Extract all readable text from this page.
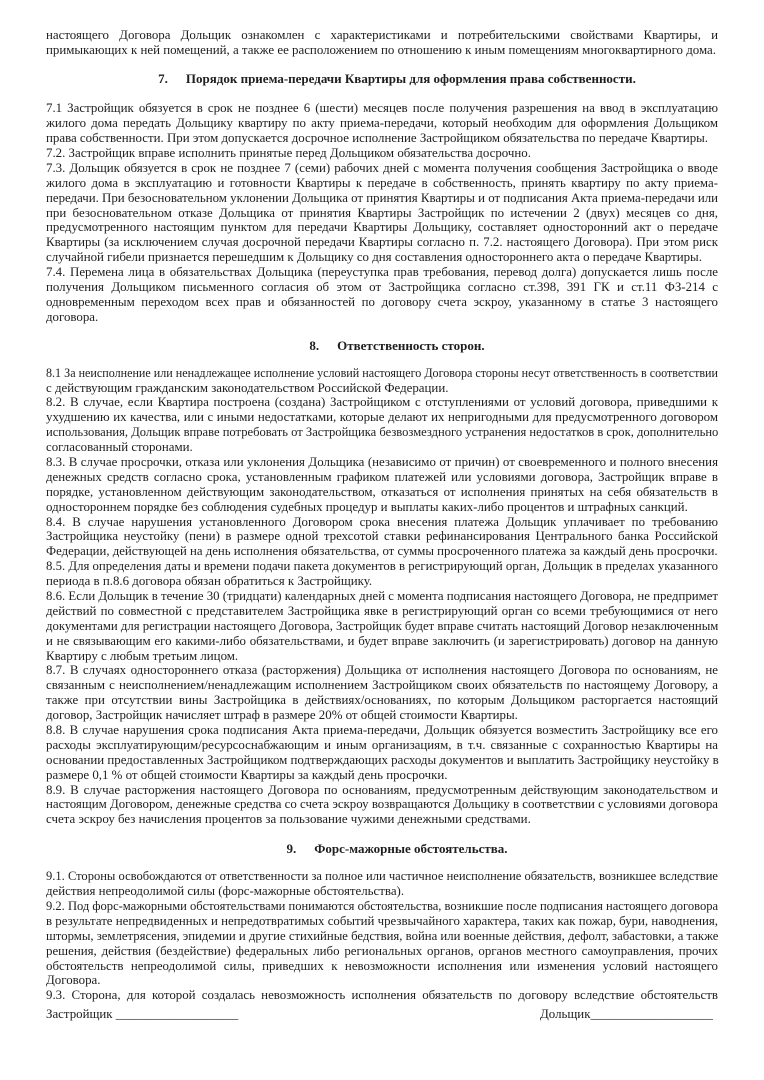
настоящего Договора Дольщик ознакомлен с характеристиками и потребительскими свойствами Квартиры, и
примыкающих к ней помещений, а также ее расположением по отношению к иным помещениям многоквартирного дома.
7. Порядок приема-передачи Квартиры для оформления права собственности.
7.1 Застройщик обязуется в срок не позднее 6 (шести) месяцев после получения разрешения на ввод в эксплуатацию
жилого дома передать Дольщику квартиру по акту приема-передачи, который необходим для оформления Дольщиком
права собственности. При этом допускается досрочное исполнение Застройщиком обязательства по передаче Квартиры.
7.2. Застройщик вправе исполнить принятые перед Дольщиком обязательства досрочно.
7.3. Дольщик обязуется в срок не позднее 7 (семи) рабочих дней с момента получения сообщения Застройщика о вводе
жилого дома в эксплуатацию и готовности Квартиры к передаче в собственность, принять квартиру по акту приема-
передачи. При безосновательном уклонении Дольщика от принятия Квартиры и от подписания Акта приема-передачи или
при безосновательном отказе Дольщика от принятия Квартиры Застройщик по истечении 2 (двух) месяцев со дня,
предусмотренного настоящим пунктом для передачи Квартиры Дольщику, составляет односторонний акт о передаче
Квартиры (за исключением случая досрочной передачи Квартиры согласно п. 7.2. настоящего Договора). При этом риск
случайной гибели признается перешедшим к Дольщику со дня составления одностороннего акта о передаче Квартиры.
7.4. Перемена лица в обязательствах Дольщика (переуступка прав требования, перевод долга) допускается лишь после
получения Дольщиком письменного согласия об этом от Застройщика согласно ст.398, 391 ГК и ст.11 ФЗ-214 с
одновременным переходом всех прав и обязанностей по договору счета эскроу, указанному в статье 3 настоящего
договора.
8. Ответственность сторон.
8.1 За неисполнение или ненадлежащее исполнение условий настоящего Договора стороны несут ответственность в соответствии
с действующим гражданским законодательством Российской Федерации.
8.2. В случае, если Квартира построена (создана) Застройщиком с отступлениями от условий договора, приведшими к
ухудшению их качества, или с иными недостатками, которые делают их непригодными для предусмотренного договором
использования, Дольщик вправе потребовать от Застройщика безвозмездного устранения недостатков в срок, дополнительно
согласованный сторонами.
8.3. В случае просрочки, отказа или уклонения Дольщика (независимо от причин) от своевременного и полного внесения
денежных средств согласно срока, установленным графиком платежей или условиями договора, Застройщик вправе в
порядке, установленном действующим законодательством, отказаться от исполнения принятых на себя обязательств в
одностороннем порядке без соблюдения судебных процедур и выплаты каких-либо процентов и штрафных санкций.
8.4. В случае нарушения установленного Договором срока внесения платежа Дольщик уплачивает по требованию
Застройщика неустойку (пени) в размере одной трехсотой ставки рефинансирования Центрального банка Российской
Федерации, действующей на день исполнения обязательства, от суммы просроченного платежа за каждый день просрочки.
8.5. Для определения даты и времени подачи пакета документов в регистрирующий орган, Дольщик в пределах указанного
периода в п.8.6 договора обязан обратиться к Застройщику.
8.6. Если Дольщик в течение 30 (тридцати) календарных дней с момента подписания настоящего Договора, не предпримет
действий по совместной с представителем Застройщика явке в регистрирующий орган со всеми требующимися от него
документами для регистрации настоящего Договора, Застройщик будет вправе считать настоящий Договор незаключенным
и не связывающим его какими-либо обязательствами, и будет вправе заключить (и зарегистрировать) договор на данную
Квартиру с любым третьим лицом.
8.7. В случаях одностороннего отказа (расторжения) Дольщика от исполнения настоящего Договора по основаниям, не
связанным с неисполнением/ненадлежащим исполнением Застройщиком своих обязательств по настоящему Договору, а
также при отсутствии вины Застройщика в действиях/основаниях, по которым Дольщиком расторгается настоящий
договор, Застройщик начисляет штраф в размере 20% от общей стоимости Квартиры.
8.8. В случае нарушения срока подписания Акта приема-передачи, Дольщик обязуется возместить Застройщику все его
расходы эксплуатирующим/ресурсоснабжающим и иным организациям, в т.ч. связанные с сохранностью Квартиры на
основании предоставленных Застройщиком подтверждающих расходы документов и выплатить Застройщику неустойку в
размере 0,1 % от общей стоимости Квартиры за каждый день просрочки.
8.9. В случае расторжения настоящего Договора по основаниям, предусмотренным действующим законодательством и
настоящим Договором, денежные средства со счета эскроу возвращаются Дольщику в соответствии с условиями договора
счета эскроу без начисления процентов за пользование чужими денежными средствами.
9. Форс-мажорные обстоятельства.
9.1. Стороны освобождаются от ответственности за полное или частичное неисполнение обязательств, возникшее вследствие
действия непреодолимой силы (форс-мажорные обстоятельства).
9.2. Под форс-мажорными обстоятельствами понимаются обстоятельства, возникшие после подписания настоящего договора
в результате непредвиденных и непредотвратимых событий чрезвычайного характера, таких как пожар, бури, наводнения,
штормы, землетрясения, эпидемии и другие стихийные бедствия, война или военные действия, дефолт, забастовки, а также
решения, действия (бездействие) федеральных либо региональных органов, органов местного самоуправления, прочих
обстоятельств непреодолимой силы, приведших к невозможности исполнения или изменения условий настоящего
Договора.
9.3. Сторона, для которой создалась невозможность исполнения обязательств по договору вследствие обстоятельств
Застройщик ___________________	Дольщик___________________
